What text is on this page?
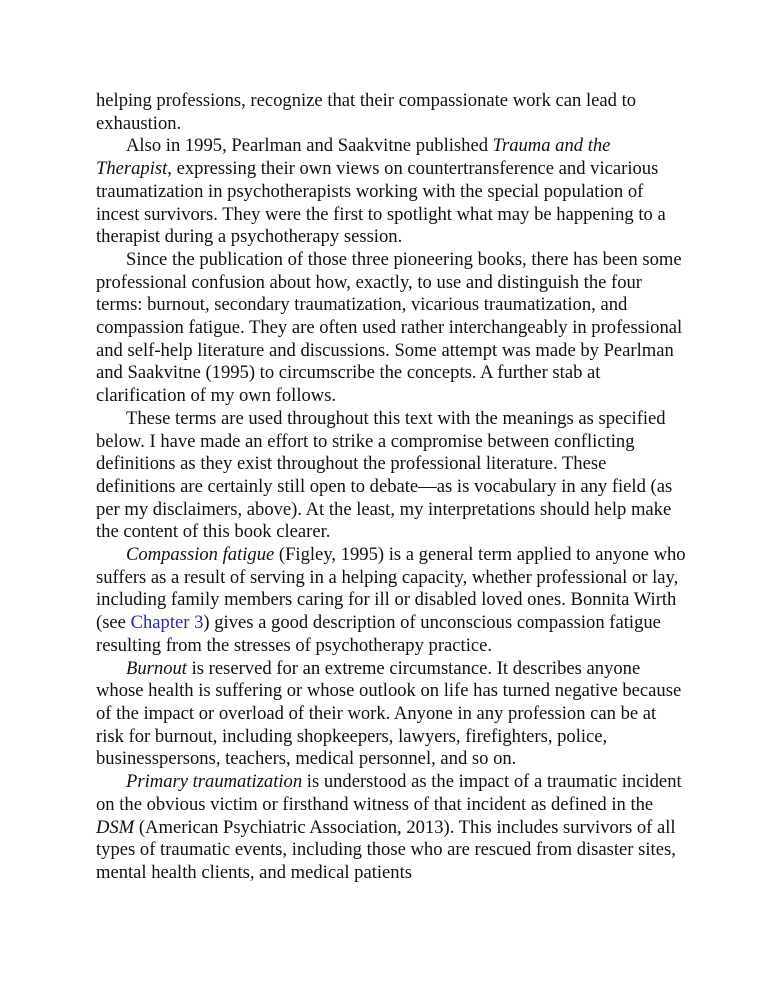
helping professions, recognize that their compassionate work can lead to exhaustion.

Also in 1995, Pearlman and Saakvitne published Trauma and the Therapist, expressing their own views on countertransference and vicarious traumatization in psychotherapists working with the special population of incest survivors. They were the first to spotlight what may be happening to a therapist during a psychotherapy session.

Since the publication of those three pioneering books, there has been some professional confusion about how, exactly, to use and distinguish the four terms: burnout, secondary traumatization, vicarious traumatization, and compassion fatigue. They are often used rather interchangeably in professional and self-help literature and discussions. Some attempt was made by Pearlman and Saakvitne (1995) to circumscribe the concepts. A further stab at clarification of my own follows.

These terms are used throughout this text with the meanings as specified below. I have made an effort to strike a compromise between conflicting definitions as they exist throughout the professional literature. These definitions are certainly still open to debate—as is vocabulary in any field (as per my disclaimers, above). At the least, my interpretations should help make the content of this book clearer.

Compassion fatigue (Figley, 1995) is a general term applied to anyone who suffers as a result of serving in a helping capacity, whether professional or lay, including family members caring for ill or disabled loved ones. Bonnita Wirth (see Chapter 3) gives a good description of unconscious compassion fatigue resulting from the stresses of psychotherapy practice.

Burnout is reserved for an extreme circumstance. It describes anyone whose health is suffering or whose outlook on life has turned negative because of the impact or overload of their work. Anyone in any profession can be at risk for burnout, including shopkeepers, lawyers, firefighters, police, businesspersons, teachers, medical personnel, and so on.

Primary traumatization is understood as the impact of a traumatic incident on the obvious victim or firsthand witness of that incident as defined in the DSM (American Psychiatric Association, 2013). This includes survivors of all types of traumatic events, including those who are rescued from disaster sites, mental health clients, and medical patients
